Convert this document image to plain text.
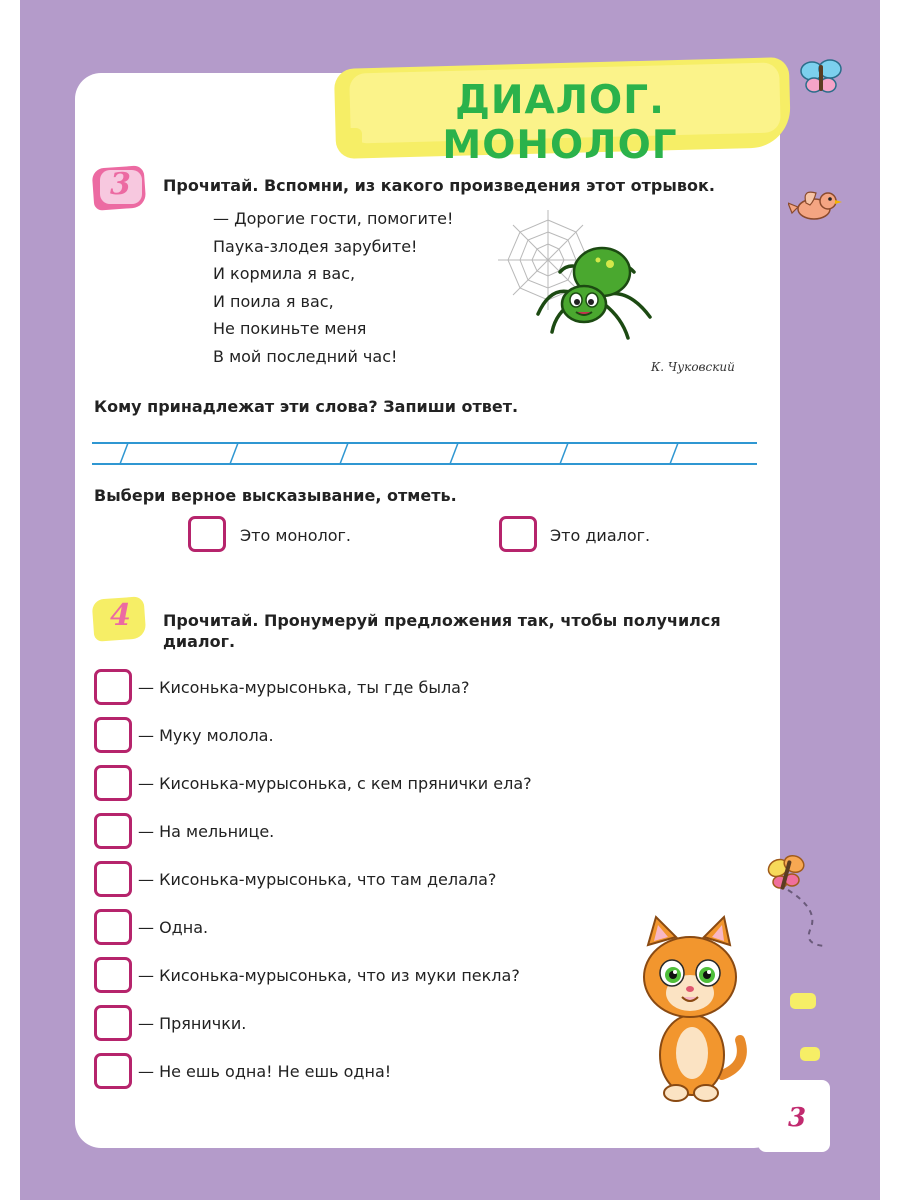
ДИАЛОГ. МОНОЛОГ
3 Прочитай. Вспомни, из какого произведения этот отрывок.
— Дорогие гости, помогите!
Паука-злодея зарубите!
И кормила я вас,
И поила я вас,
Не покиньте меня
В мой последний час!
К. Чуковский
Кому принадлежат эти слова? Запиши ответ.
Выбери верное высказывание, отметь.
Это монолог.	Это диалог.
4 Прочитай. Пронумеруй предложения так, чтобы получился
диалог.
— Кисонька-мурысонька, ты где была?
— Муку молола.
— Кисонька-мурысонька, с кем прянички ела?
— На мельнице.
— Кисонька-мурысонька, что там делала?
— Одна.
— Кисонька-мурысонька, что из муки пекла?
— Прянички.
— Не ешь одна! Не ешь одна!
3
